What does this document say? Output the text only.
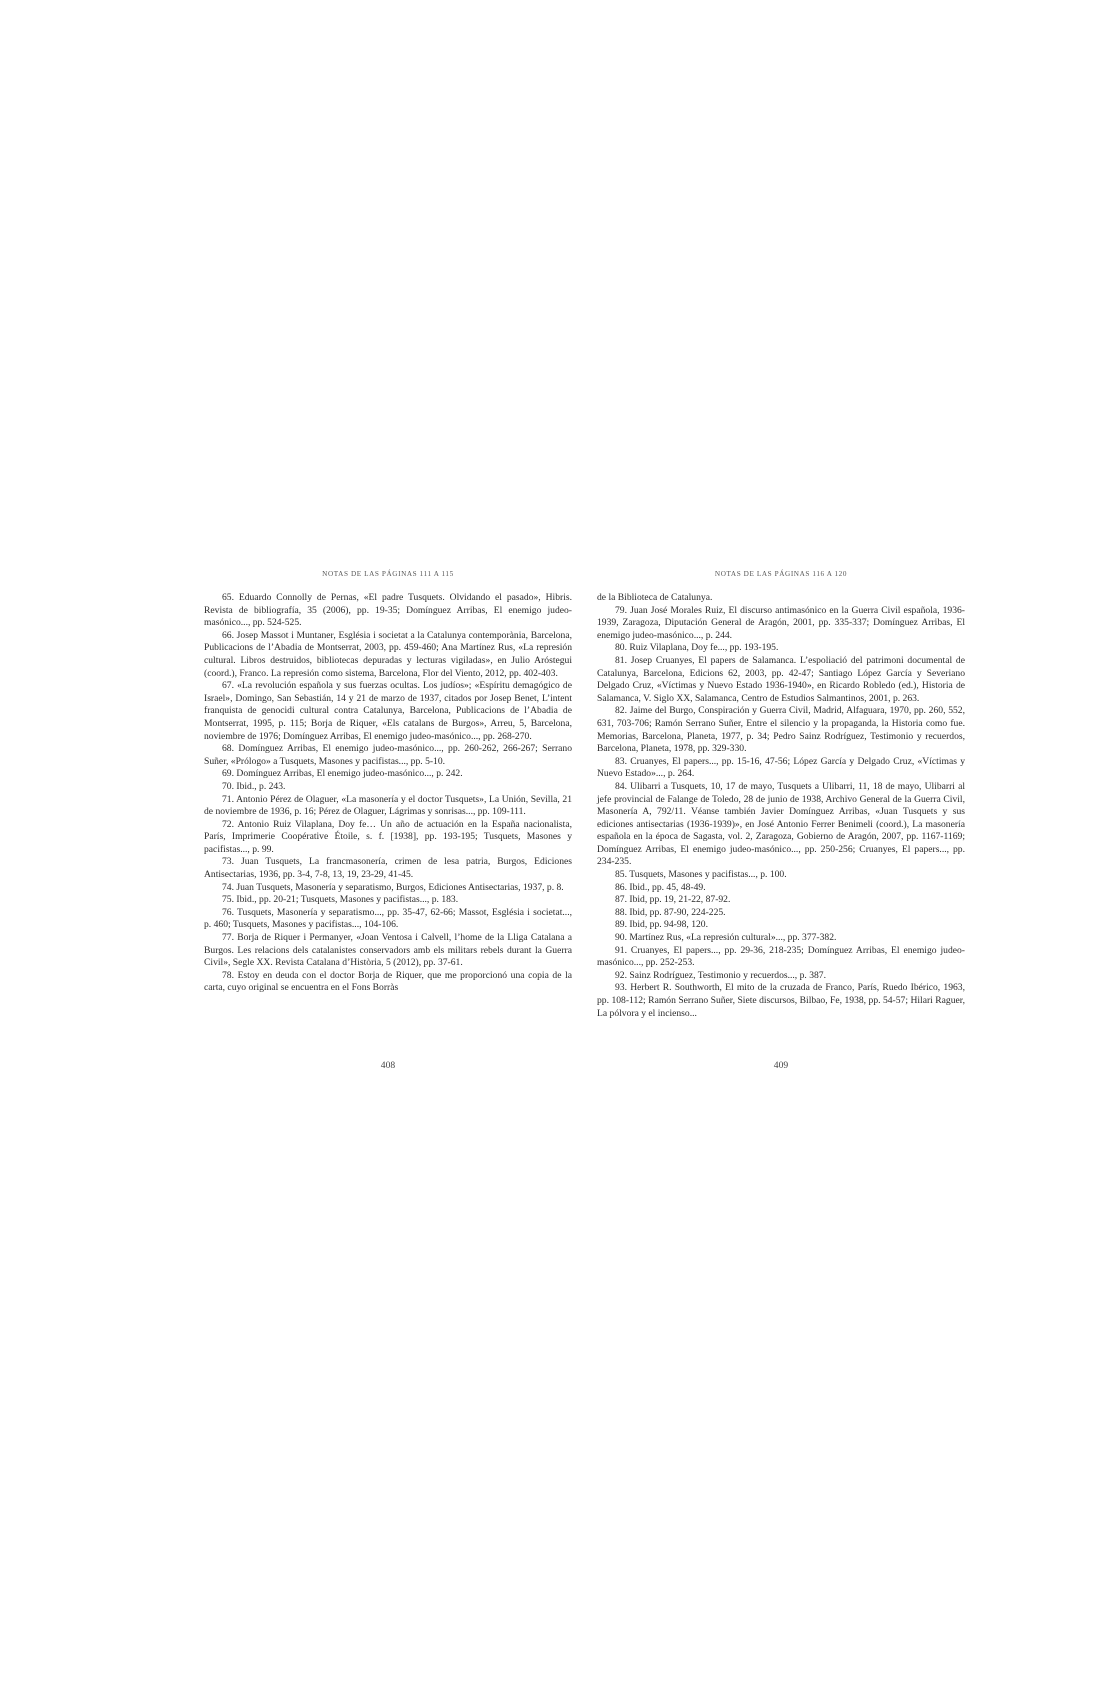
NOTAS DE LAS PÁGINAS 111 A 115

65. Eduardo Connolly de Pernas, «El padre Tusquets. Olvidando el pasado», Hibris. Revista de bibliografía, 35 (2006), pp. 19-35; Domínguez Arribas, El enemigo judeo-masónico..., pp. 524-525.

66. Josep Massot i Muntaner, Església i societat a la Catalunya contemporània, Barcelona, Publicacions de l’Abadia de Montserrat, 2003, pp. 459-460; Ana Martínez Rus, «La represión cultural. Libros destruidos, bibliotecas depuradas y lecturas vigiladas», en Julio Aróstegui (coord.), Franco. La represión como sistema, Barcelona, Flor del Viento, 2012, pp. 402-403.

67. «La revolución española y sus fuerzas ocultas. Los judíos»; «Espíritu demagógico de Israel», Domingo, San Sebastián, 14 y 21 de marzo de 1937, citados por Josep Benet, L’intent franquista de genocidi cultural contra Catalunya, Barcelona, Publicacions de l’Abadia de Montserrat, 1995, p. 115; Borja de Riquer, «Els catalans de Burgos», Arreu, 5, Barcelona, noviembre de 1976; Domínguez Arribas, El enemigo judeo-masónico..., pp. 268-270.

68. Domínguez Arribas, El enemigo judeo-masónico..., pp. 260-262, 266-267; Serrano Suñer, «Prólogo» a Tusquets, Masones y pacifistas..., pp. 5-10.

69. Domínguez Arribas, El enemigo judeo-masónico..., p. 242.

70. Ibid., p. 243.

71. Antonio Pérez de Olaguer, «La masonería y el doctor Tusquets», La Unión, Sevilla, 21 de noviembre de 1936, p. 16; Pérez de Olaguer, Lágrimas y sonrisas..., pp. 109-111.

72. Antonio Ruiz Vilaplana, Doy fe… Un año de actuación en la España nacionalista, París, Imprimerie Coopérative Étoile, s. f. [1938], pp. 193-195; Tusquets, Masones y pacifistas..., p. 99.

73. Juan Tusquets, La francmasonería, crimen de lesa patria, Burgos, Ediciones Antisectarias, 1936, pp. 3-4, 7-8, 13, 19, 23-29, 41-45.

74. Juan Tusquets, Masonería y separatismo, Burgos, Ediciones Antisectarias, 1937, p. 8.

75. Ibid., pp. 20-21; Tusquets, Masones y pacifistas..., p. 183.

76. Tusquets, Masonería y separatismo..., pp. 35-47, 62-66; Massot, Església i societat..., p. 460; Tusquets, Masones y pacifistas..., 104-106.

77. Borja de Riquer i Permanyer, «Joan Ventosa i Calvell, l’home de la Lliga Catalana a Burgos. Les relacions dels catalanistes conservadors amb els militars rebels durant la Guerra Civil», Segle XX. Revista Catalana d’Història, 5 (2012), pp. 37-61.

78. Estoy en deuda con el doctor Borja de Riquer, que me proporcionó una copia de la carta, cuyo original se encuentra en el Fons Borràs

NOTAS DE LAS PÁGINAS 116 A 120

de la Biblioteca de Catalunya.

79. Juan José Morales Ruiz, El discurso antimasónico en la Guerra Civil española, 1936-1939, Zaragoza, Diputación General de Aragón, 2001, pp. 335-337; Domínguez Arribas, El enemigo judeo-masónico..., p. 244.

80. Ruiz Vilaplana, Doy fe..., pp. 193-195.

81. Josep Cruanyes, El papers de Salamanca. L’espoliació del patrimoni documental de Catalunya, Barcelona, Edicions 62, 2003, pp. 42-47; Santiago López García y Severiano Delgado Cruz, «Víctimas y Nuevo Estado 1936-1940», en Ricardo Robledo (ed.), Historia de Salamanca, V. Siglo XX, Salamanca, Centro de Estudios Salmantinos, 2001, p. 263.

82. Jaime del Burgo, Conspiración y Guerra Civil, Madrid, Alfaguara, 1970, pp. 260, 552, 631, 703-706; Ramón Serrano Suñer, Entre el silencio y la propaganda, la Historia como fue. Memorias, Barcelona, Planeta, 1977, p. 34; Pedro Sainz Rodríguez, Testimonio y recuerdos, Barcelona, Planeta, 1978, pp. 329-330.

83. Cruanyes, El papers..., pp. 15-16, 47-56; López García y Delgado Cruz, «Víctimas y Nuevo Estado»..., p. 264.

84. Ulibarri a Tusquets, 10, 17 de mayo, Tusquets a Ulibarri, 11, 18 de mayo, Ulibarri al jefe provincial de Falange de Toledo, 28 de junio de 1938, Archivo General de la Guerra Civil, Masonería A, 792/11. Véanse también Javier Domínguez Arribas, «Juan Tusquets y sus ediciones antisectarias (1936-1939)», en José Antonio Ferrer Benimeli (coord.), La masonería española en la época de Sagasta, vol. 2, Zaragoza, Gobierno de Aragón, 2007, pp. 1167-1169; Domínguez Arribas, El enemigo judeo-masónico..., pp. 250-256; Cruanyes, El papers..., pp. 234-235.

85. Tusquets, Masones y pacifistas..., p. 100.

86. Ibid., pp. 45, 48-49.

87. Ibid, pp. 19, 21-22, 87-92.

88. Ibid, pp. 87-90, 224-225.

89. Ibid, pp. 94-98, 120.

90. Martínez Rus, «La represión cultural»..., pp. 377-382.

91. Cruanyes, El papers..., pp. 29-36, 218-235; Domínguez Arribas, El enemigo judeo-masónico..., pp. 252-253.

92. Sainz Rodríguez, Testimonio y recuerdos..., p. 387.

93. Herbert R. Southworth, El mito de la cruzada de Franco, París, Ruedo Ibérico, 1963, pp. 108-112; Ramón Serrano Suñer, Siete discursos, Bilbao, Fe, 1938, pp. 54-57; Hilari Raguer, La pólvora y el incienso...

408	409
